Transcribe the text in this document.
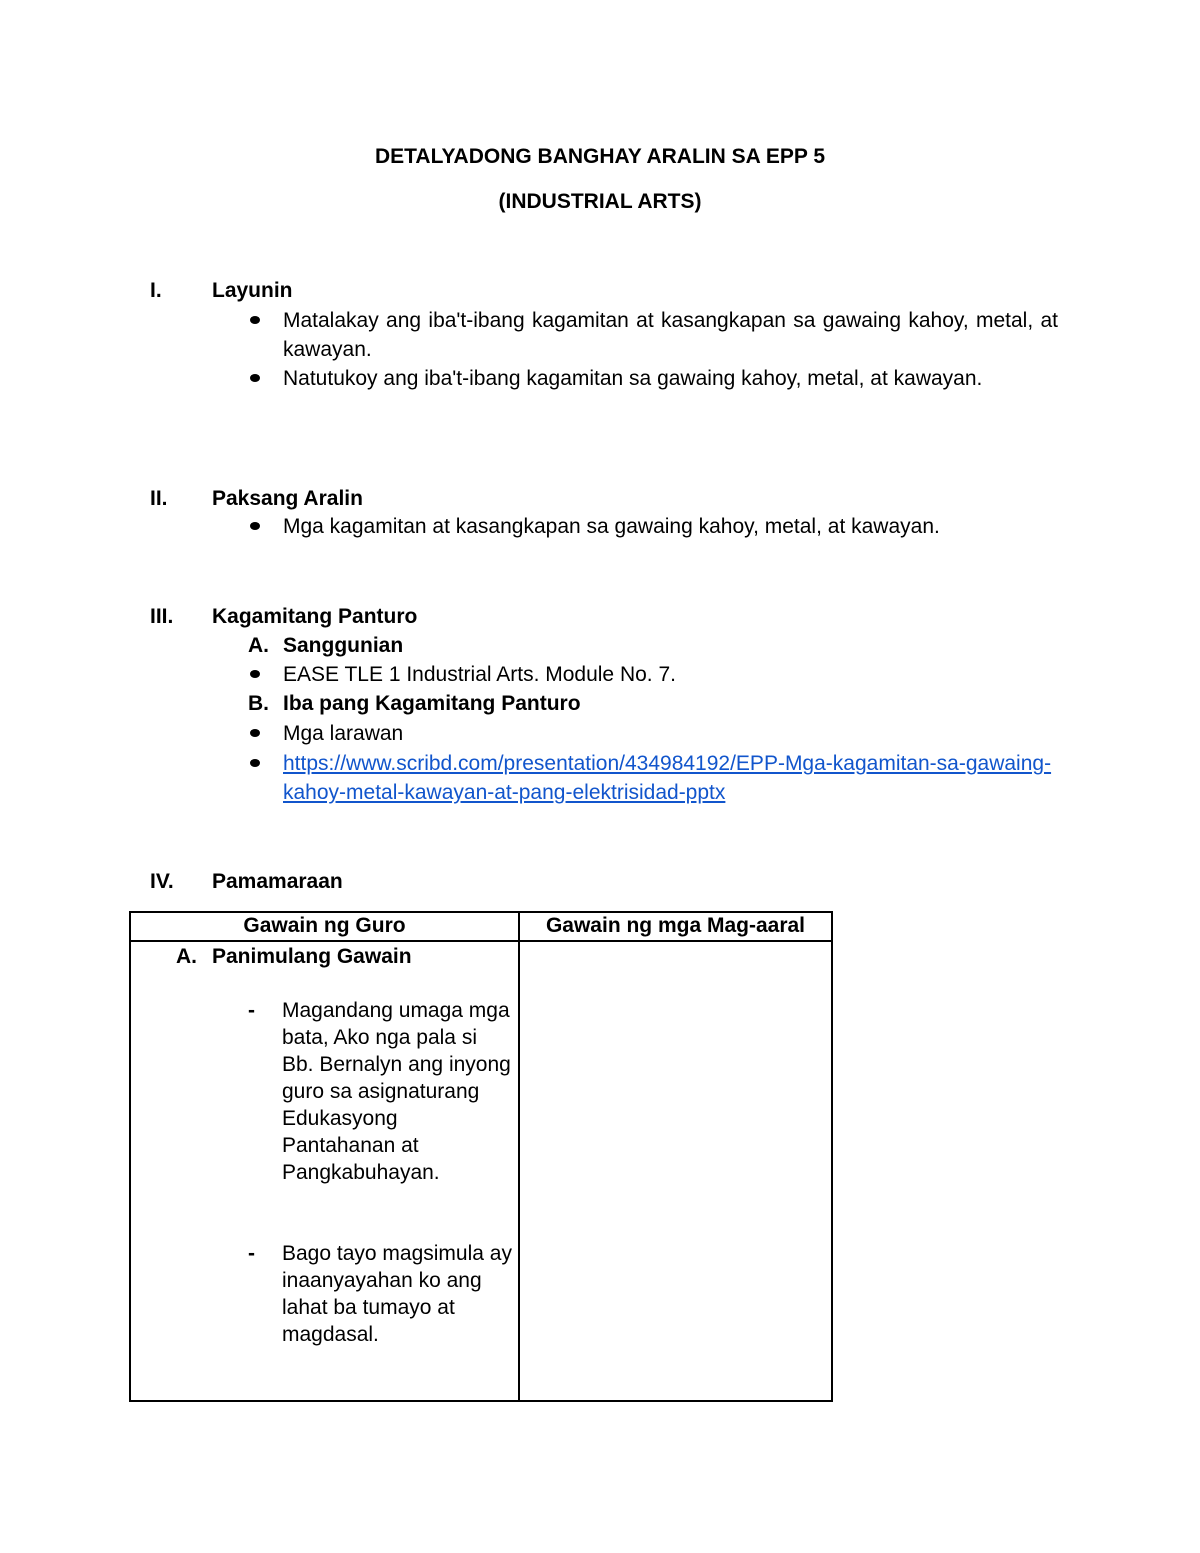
DETALYADONG BANGHAY ARALIN SA EPP 5
(INDUSTRIAL ARTS)
I. Layunin
Matalakay ang iba't-ibang kagamitan at kasangkapan sa gawaing kahoy, metal, at kawayan.
Natutukoy ang iba't-ibang kagamitan sa gawaing kahoy, metal, at kawayan.
II. Paksang Aralin
Mga kagamitan at kasangkapan sa gawaing kahoy, metal, at kawayan.
III. Kagamitang Panturo
A. Sanggunian
EASE TLE 1 Industrial Arts. Module No. 7.
B. Iba pang Kagamitang Panturo
Mga larawan
https://www.scribd.com/presentation/434984192/EPP-Mga-kagamitan-sa-gawaing-kahoy-metal-kawayan-at-pang-elektrisidad-pptx
IV. Pamamaraan
Gawain ng Guro	Gawain ng mga Mag-aaral
A. Panimulang Gawain
- Magandang umaga mga bata, Ako nga pala si Bb. Bernalyn ang inyong guro sa asignaturang Edukasyong Pantahanan at Pangkabuhayan.
- Bago tayo magsimula ay inaanyayahan ko ang lahat ba tumayo at magdasal.
